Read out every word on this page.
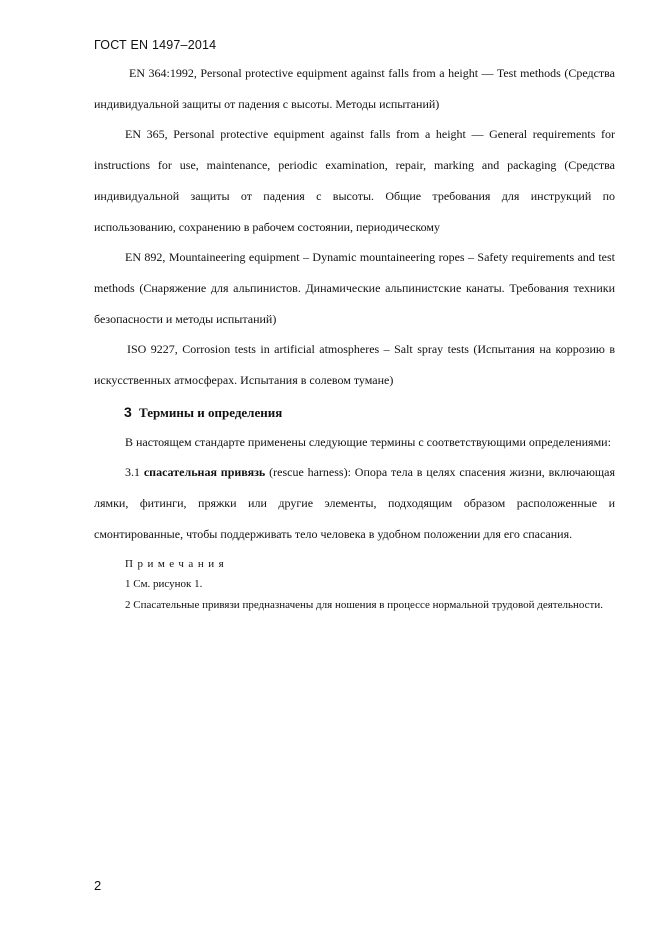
ГОСТ EN 1497–2014

EN 364:1992, Personal protective equipment against falls from a height — Test methods (Средства индивидуальной защиты от падения с высоты. Методы испытаний)

EN 365, Personal protective equipment against falls from a height — General requirements for instructions for use, maintenance, periodic examination, repair, marking and packaging (Средства индивидуальной защиты от падения с высоты. Общие требования для инструкций по использованию, сохранению в рабочем состоянии, периодическому

EN 892, Mountaineering equipment – Dynamic mountaineering ropes – Safety requirements and test methods (Снаряжение для альпинистов. Динамические альпинистские канаты. Требования техники безопасности и методы испытаний)

ISO 9227, Corrosion tests in artificial atmospheres – Salt spray tests (Испытания на коррозию в искусственных атмосферах. Испытания в солевом тумане)

3 Термины и определения

В настоящем стандарте применены следующие термины с соответствующими определениями:

3.1 спасательная привязь (rescue harness): Опора тела в целях спасения жизни, включающая лямки, фитинги, пряжки или другие элементы, подходящим образом расположенные и смонтированные, чтобы поддерживать тело человека в удобном положении для его спасания.

Примечания

1 См. рисунок 1.

2 Спасательные привязи предназначены для ношения в процессе нормальной трудовой деятельности.

2
